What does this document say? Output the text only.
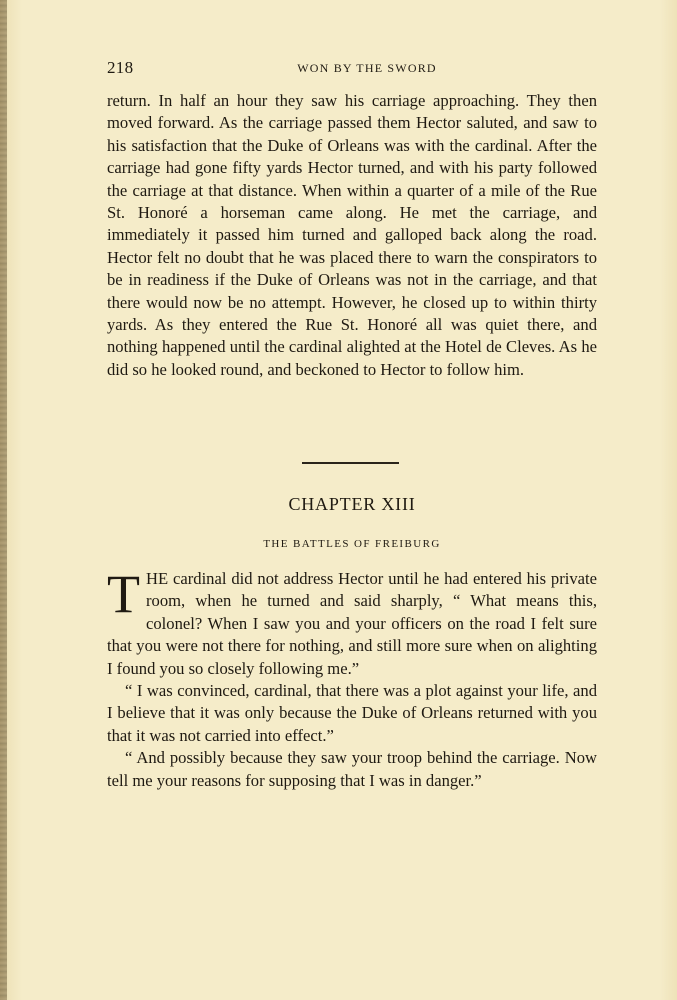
218	WON BY THE SWORD

return. In half an hour they saw his carriage approaching. They then moved forward. As the carriage passed them Hector saluted, and saw to his satisfaction that the Duke of Orleans was with the cardinal. After the carriage had gone fifty yards Hector turned, and with his party followed the carriage at that distance. When within a quarter of a mile of the Rue St. Honoré a horseman came along. He met the carriage, and immediately it passed him turned and galloped back along the road. Hector felt no doubt that he was placed there to warn the conspirators to be in readiness if the Duke of Orleans was not in the carriage, and that there would now be no attempt. However, he closed up to within thirty yards. As they entered the Rue St. Honoré all was quiet there, and nothing happened until the cardinal alighted at the Hotel de Cleves. As he did so he looked round, and beckoned to Hector to follow him.

CHAPTER XIII
THE BATTLES OF FREIBURG

THE cardinal did not address Hector until he had entered his private room, when he turned and said sharply, “ What means this, colonel? When I saw you and your officers on the road I felt sure that you were not there for nothing, and still more sure when on alighting I found you so closely following me.”

“ I was convinced, cardinal, that there was a plot against your life, and I believe that it was only because the Duke of Orleans returned with you that it was not carried into effect.”

“ And possibly because they saw your troop behind the carriage. Now tell me your reasons for supposing that I was in danger.”
